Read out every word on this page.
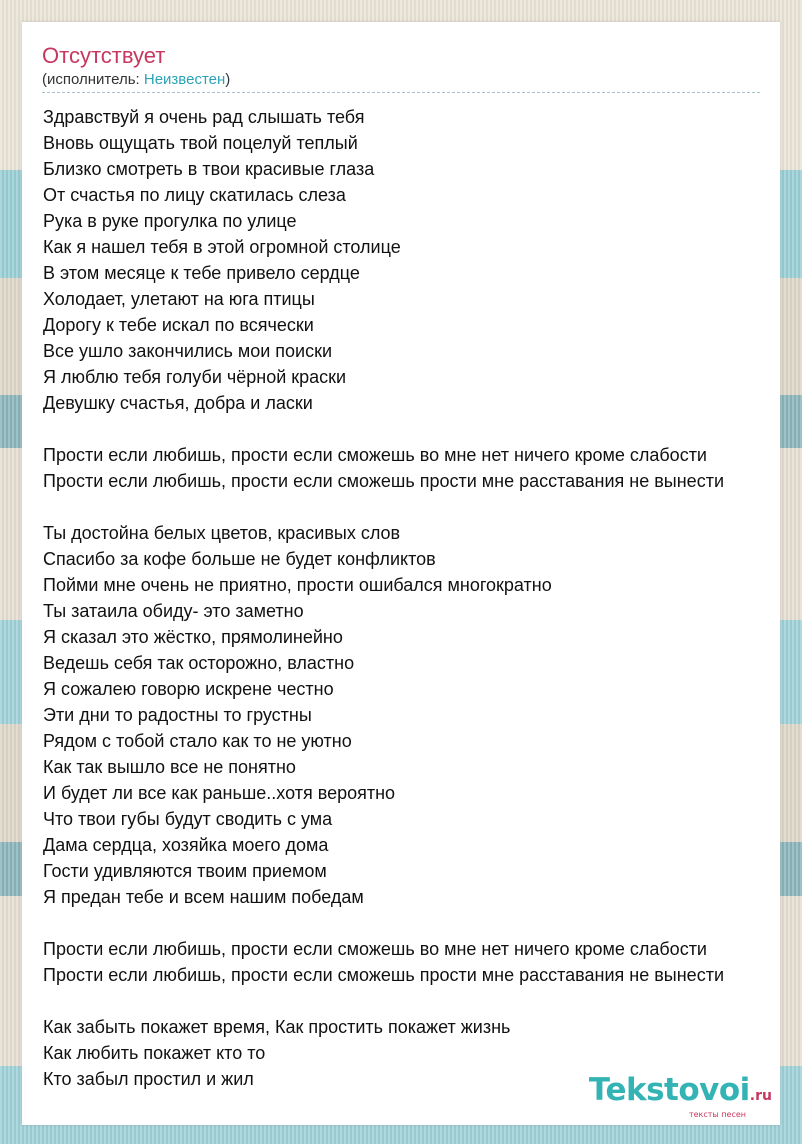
Отсутствует
(исполнитель: Неизвестен)
Здравствуй я очень рад слышать тебя
Вновь ощущать твой поцелуй теплый
Близко смотреть в твои красивые глаза
От счастья по лицу скатилась слеза
Рука в руке прогулка по улице
Как я нашел тебя в этой огромной столице
В этом месяце к тебе привело сердце
Холодает, улетают на юга птицы
Дорогу к тебе искал по всячески
Все ушло закончились мои поиски
Я люблю тебя голуби чёрной краски
Девушку счастья, добра и ласки
Прости если любишь, прости если сможешь во мне нет ничего кроме слабости
Прости если любишь, прости если сможешь прости мне расставания не вынести
Ты достойна белых цветов, красивых слов
Спасибо за кофе больше не будет конфликтов
Пойми мне очень не приятно, прости ошибался многократно
Ты затаила обиду- это заметно
Я сказал это жёстко, прямолинейно
Ведешь себя так осторожно, властно
Я сожалею говорю искрене честно
Эти дни то радостны то грустны
Рядом с тобой стало как то не уютно
Как так вышло все не понятно
И будет ли все как раньше..хотя вероятно
Что твои губы будут сводить с ума
Дама сердца, хозяйка моего дома
Гости удивляются твоим приемом
Я предан тебе и всем нашим победам
Прости если любишь, прости если сможешь во мне нет ничего кроме слабости
Прости если любишь, прости если сможешь прости мне расставания не вынести
Как забыть покажет время, Как простить покажет жизнь
Как любить покажет кто то
Кто забыл простил и жил	Tekstovoi.ru
тексты песен
